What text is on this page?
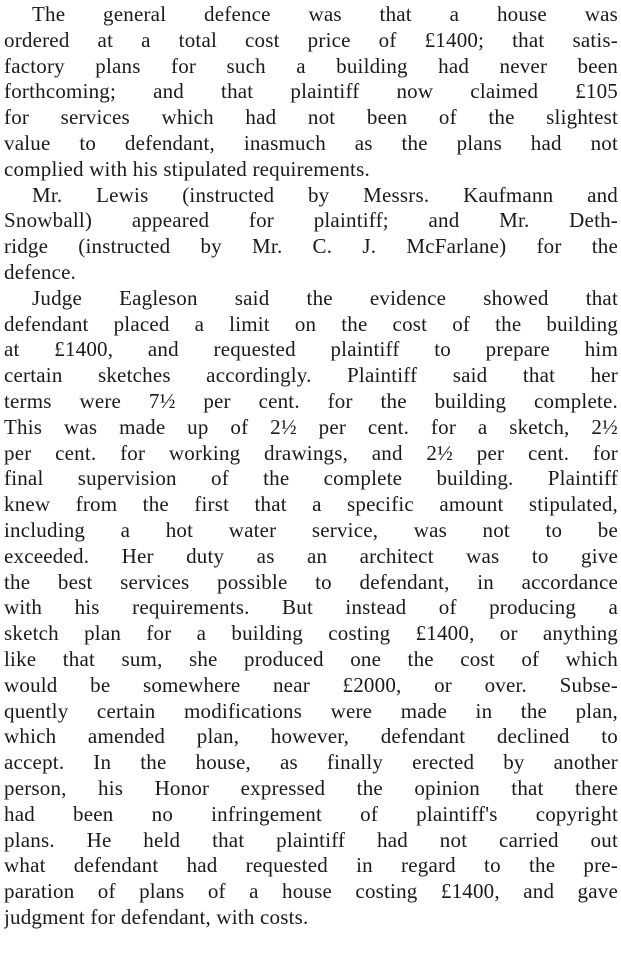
The general defence was that a house was
ordered at a total cost price of £1400; that satis-
factory plans for such a building had never been
forthcoming; and that plaintiff now claimed £105
for services which had not been of the slightest
value to defendant, inasmuch as the plans had not
complied with his stipulated requirements.
Mr. Lewis (instructed by Messrs. Kaufmann and
Snowball) appeared for plaintiff; and Mr. Deth-
ridge (instructed by Mr. C. J. McFarlane) for the
defence.
Judge Eagleson said the evidence showed that
defendant placed a limit on the cost of the building
at £1400, and requested plaintiff to prepare him
certain sketches accordingly. Plaintiff said that her
terms were 7½ per cent. for the building complete.
This was made up of 2½ per cent. for a sketch, 2½
per cent. for working drawings, and 2½ per cent. for
final supervision of the complete building. Plaintiff
knew from the first that a specific amount stipulated,
including a hot water service, was not to be
exceeded. Her duty as an architect was to give
the best services possible to defendant, in accordance
with his requirements. But instead of producing a
sketch plan for a building costing £1400, or anything
like that sum, she produced one the cost of which
would be somewhere near £2000, or over. Subse-
quently certain modifications were made in the plan,
which amended plan, however, defendant declined to
accept. In the house, as finally erected by another
person, his Honor expressed the opinion that there
had been no infringement of plaintiff's copyright
plans. He held that plaintiff had not carried out
what defendant had requested in regard to the pre-
paration of plans of a house costing £1400, and gave
judgment for defendant, with costs.
